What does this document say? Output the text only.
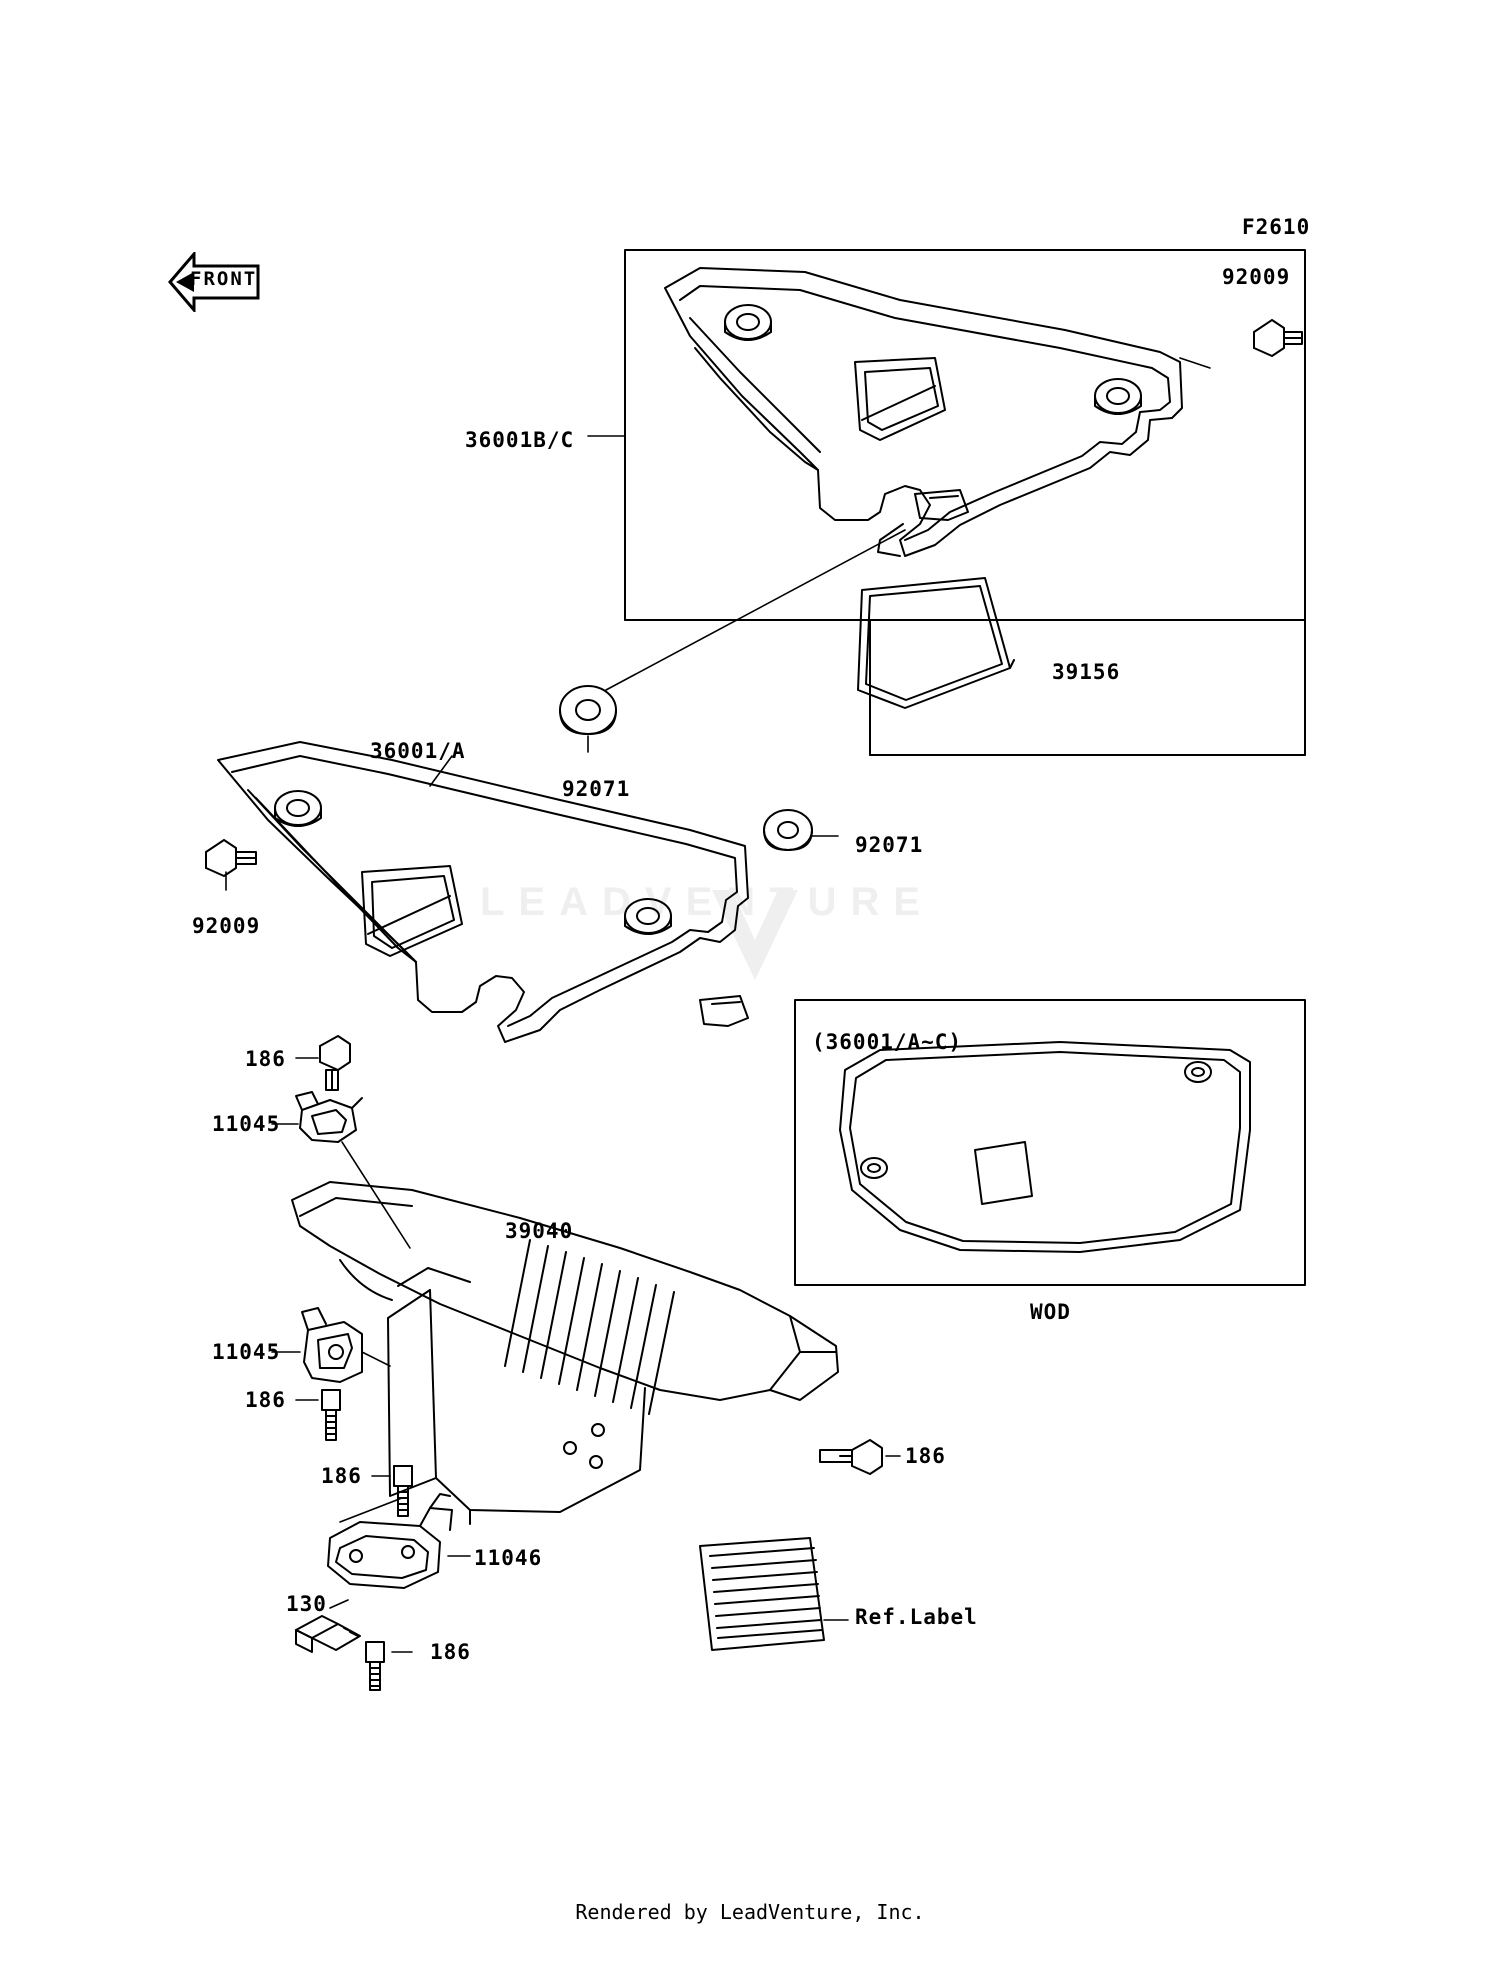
LEADVENTURE
FRONT
F2610
92009
36001B/C
39156
36001/A
92071
92071
92009
186
11045
39040
11045
186
186
186
11046
130
186
(36001/A~C)
WOD
Ref.Label
Rendered by LeadVenture, Inc.
